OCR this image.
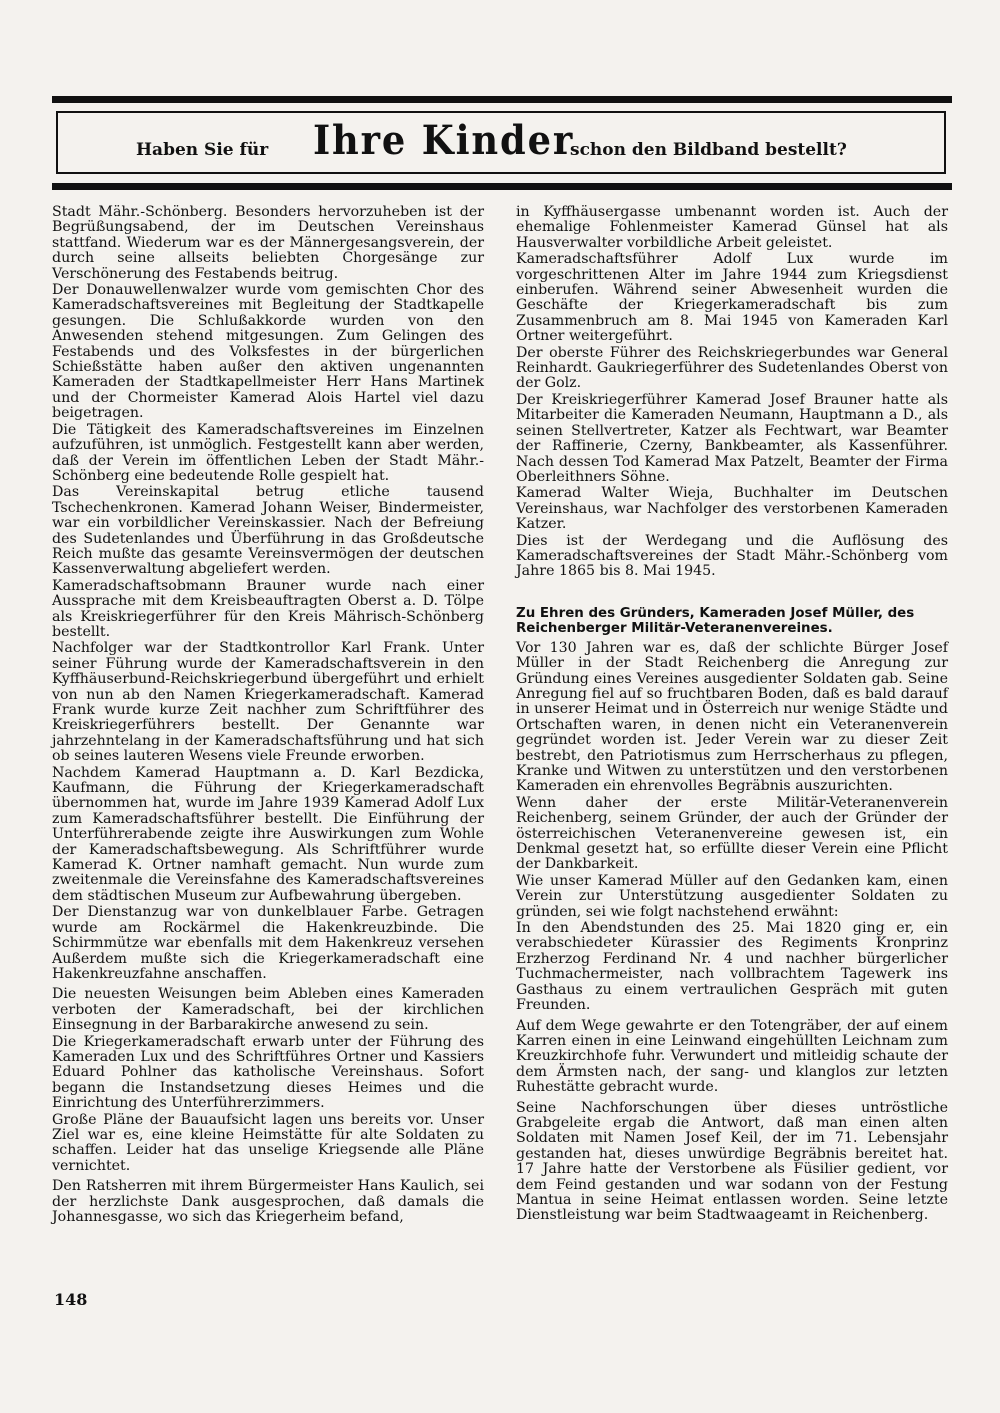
Haben Sie für Ihre Kinder
schon den Bildband bestellt?

Stadt Mähr.-Schönberg. Besonders hervorzuheben ist der Begrüßungsabend, der im Deutschen Vereinshaus stattfand. Wiederum war es der Männergesangsverein, der durch seine allseits beliebten Chorgesänge zur Verschönerung des Festabends beitrug.

Der Donauwellenwalzer wurde vom gemischten Chor des Kameradschaftsvereines mit Begleitung der Stadtkapelle gesungen. Die Schlußakkorde wurden von den Anwesenden stehend mitgesungen. Zum Gelingen des Festabends und des Volksfestes in der bürgerlichen Schießstätte haben außer den aktiven ungenannten Kameraden der Stadtkapellmeister Herr Hans Martinek und der Chormeister Kamerad Alois Hartel viel dazu beigetragen.

Die Tätigkeit des Kameradschaftsvereines im Einzelnen aufzuführen, ist unmöglich. Festgestellt kann aber werden, daß der Verein im öffentlichen Leben der Stadt Mähr.-Schönberg eine bedeutende Rolle gespielt hat.

Das Vereinskapital betrug etliche tausend Tschechenkronen. Kamerad Johann Weiser, Bindermeister, war ein vorbildlicher Vereinskassier. Nach der Befreiung des Sudetenlandes und Überführung in das Großdeutsche Reich mußte das gesamte Vereinsvermögen der deutschen Kassenverwaltung abgeliefert werden.

Kameradschaftsobmann Brauner wurde nach einer Aussprache mit dem Kreisbeauftragten Oberst a. D. Tölpe als Kreiskriegerführer für den Kreis Mährisch-Schönberg bestellt.

Nachfolger war der Stadtkontrollor Karl Frank. Unter seiner Führung wurde der Kameradschaftsverein in den Kyffhäuserbund-Reichskriegerbund übergeführt und erhielt von nun ab den Namen Kriegerkameradschaft. Kamerad Frank wurde kurze Zeit nachher zum Schriftführer des Kreiskriegerführers bestellt. Der Genannte war jahrzehntelang in der Kameradschaftsführung und hat sich ob seines lauteren Wesens viele Freunde erworben.

Nachdem Kamerad Hauptmann a. D. Karl Bezdicka, Kaufmann, die Führung der Kriegerkameradschaft übernommen hat, wurde im Jahre 1939 Kamerad Adolf Lux zum Kameradschaftsführer bestellt. Die Einführung der Unterführerabende zeigte ihre Auswirkungen zum Wohle der Kameradschaftsbewegung. Als Schriftführer wurde Kamerad K. Ortner namhaft gemacht. Nun wurde zum zweitenmale die Vereinsfahne des Kameradschaftsvereines dem städtischen Museum zur Aufbewahrung übergeben.

Der Dienstanzug war von dunkelblauer Farbe. Getragen wurde am Rockärmel die Hakenkreuzbinde. Die Schirmmütze war ebenfalls mit dem Hakenkreuz versehen Außerdem mußte sich die Kriegerkameradschaft eine Hakenkreuzfahne anschaffen.

Die neuesten Weisungen beim Ableben eines Kameraden verboten der Kameradschaft, bei der kirchlichen Einsegnung in der Barbarakirche anwesend zu sein.

Die Kriegerkameradschaft erwarb unter der Führung des Kameraden Lux und des Schriftführes Ortner und Kassiers Eduard Pohlner das katholische Vereinshaus. Sofort begann die Instandsetzung dieses Heimes und die Einrichtung des Unterführerzimmers.

Große Pläne der Bauaufsicht lagen uns bereits vor. Unser Ziel war es, eine kleine Heimstätte für alte Soldaten zu schaffen. Leider hat das unselige Kriegsende alle Pläne vernichtet.

Den Ratsherren mit ihrem Bürgermeister Hans Kaulich, sei der herzlichste Dank ausgesprochen, daß damals die Johannesgasse, wo sich das Kriegerheim befand,

in Kyffhäusergasse umbenannt worden ist. Auch der ehemalige Fohlenmeister Kamerad Günsel hat als Hausverwalter vorbildliche Arbeit geleistet.

Kameradschaftsführer Adolf Lux wurde im vorgeschrittenen Alter im Jahre 1944 zum Kriegsdienst einberufen. Während seiner Abwesenheit wurden die Geschäfte der Kriegerkameradschaft bis zum Zusammenbruch am 8. Mai 1945 von Kameraden Karl Ortner weitergeführt.

Der oberste Führer des Reichskriegerbundes war General Reinhardt. Gaukriegerführer des Sudetenlandes Oberst von der Golz.

Der Kreiskriegerführer Kamerad Josef Brauner hatte als Mitarbeiter die Kameraden Neumann, Hauptmann a D., als seinen Stellvertreter, Katzer als Fechtwart, war Beamter der Raffinerie, Czerny, Bankbeamter, als Kassenführer. Nach dessen Tod Kamerad Max Patzelt, Beamter der Firma Oberleithners Söhne.

Kamerad Walter Wieja, Buchhalter im Deutschen Vereinshaus, war Nachfolger des verstorbenen Kameraden Katzer.

Dies ist der Werdegang und die Auflösung des Kameradschaftsvereines der Stadt Mähr.-Schönberg vom Jahre 1865 bis 8. Mai 1945.

Zu Ehren des Gründers, Kameraden Josef Müller, des Reichenberger Militär-Veteranenvereines.

Vor 130 Jahren war es, daß der schlichte Bürger Josef Müller in der Stadt Reichenberg die Anregung zur Gründung eines Vereines ausgedienter Soldaten gab. Seine Anregung fiel auf so fruchtbaren Boden, daß es bald darauf in unserer Heimat und in Österreich nur wenige Städte und Ortschaften waren, in denen nicht ein Veteranenverein gegründet worden ist. Jeder Verein war zu dieser Zeit bestrebt, den Patriotismus zum Herrscherhaus zu pflegen, Kranke und Witwen zu unterstützen und den verstorbenen Kameraden ein ehrenvolles Begräbnis auszurichten.

Wenn daher der erste Militär-Veteranenverein Reichenberg, seinem Gründer, der auch der Gründer der österreichischen Veteranenvereine gewesen ist, ein Denkmal gesetzt hat, so erfüllte dieser Verein eine Pflicht der Dankbarkeit.

Wie unser Kamerad Müller auf den Gedanken kam, einen Verein zur Unterstützung ausgedienter Soldaten zu gründen, sei wie folgt nachstehend erwähnt:

In den Abendstunden des 25. Mai 1820 ging er, ein verabschiedeter Kürassier des Regiments Kronprinz Erzherzog Ferdinand Nr. 4 und nachher bürgerlicher Tuchmachermeister, nach vollbrachtem Tagewerk ins Gasthaus zu einem vertraulichen Gespräch mit guten Freunden.

Auf dem Wege gewahrte er den Totengräber, der auf einem Karren einen in eine Leinwand eingehüllten Leichnam zum Kreuzkirchhofe fuhr. Verwundert und mitleidig schaute der dem Ärmsten nach, der sang- und klanglos zur letzten Ruhestätte gebracht wurde.

Seine Nachforschungen über dieses untröstliche Grabgeleite ergab die Antwort, daß man einen alten Soldaten mit Namen Josef Keil, der im 71. Lebensjahr gestanden hat, dieses unwürdige Begräbnis bereitet hat. 17 Jahre hatte der Verstorbene als Füsilier gedient, vor dem Feind gestanden und war sodann von der Festung Mantua in seine Heimat entlassen worden. Seine letzte Dienstleistung war beim Stadtwaageamt in Reichenberg.

148
